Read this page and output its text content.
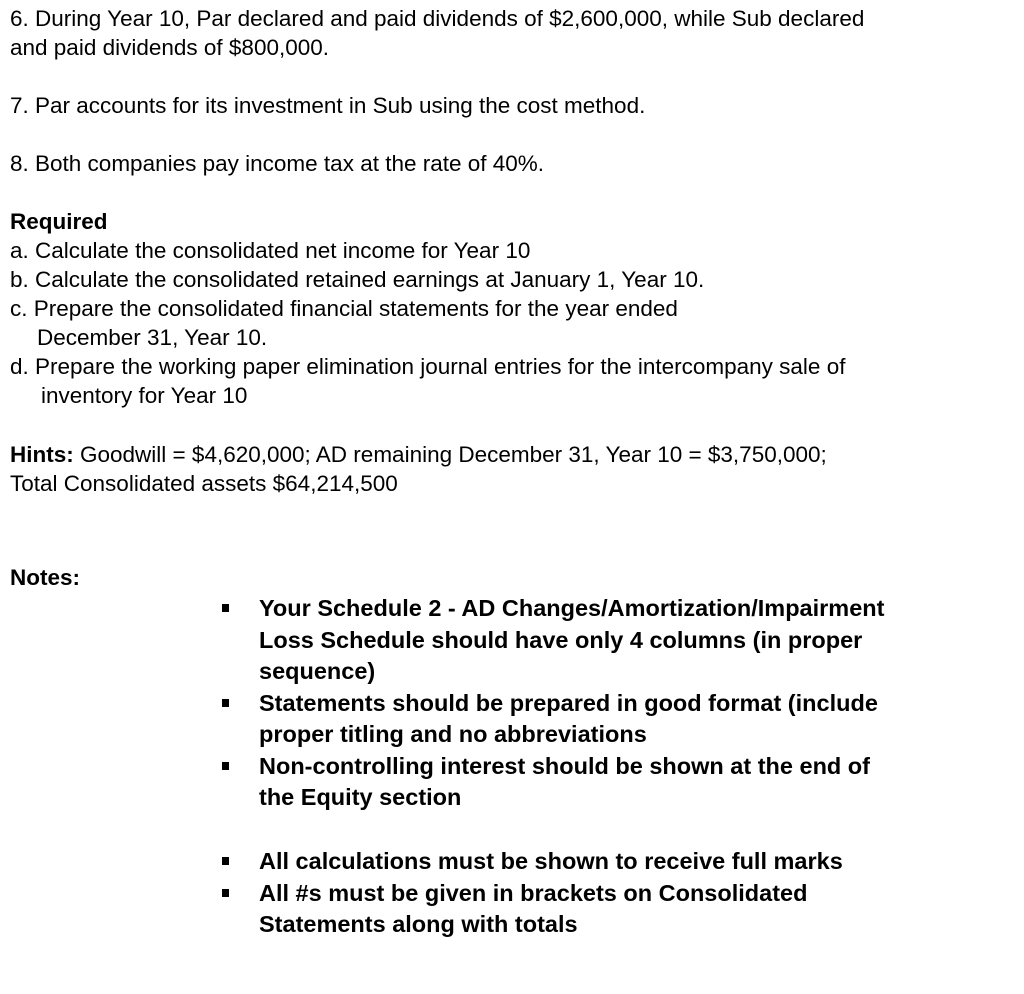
6. During Year 10, Par declared and paid dividends of $2,600,000, while Sub declared
and paid dividends of $800,000.

7. Par accounts for its investment in Sub using the cost method.

8. Both companies pay income tax at the rate of 40%.

Required
a. Calculate the consolidated net income for Year 10
b. Calculate the consolidated retained earnings at January 1, Year 10.
c. Prepare the consolidated financial statements for the year ended
December 31, Year 10.
d. Prepare the working paper elimination journal entries for the intercompany sale of
inventory for Year 10

Hints: Goodwill = $4,620,000; AD remaining December 31, Year 10 = $3,750,000;
Total Consolidated assets $64,214,500

Notes:

Your Schedule 2 - AD Changes/Amortization/Impairment
Loss Schedule should have only 4 columns (in proper
sequence)
Statements should be prepared in good format (include
proper titling and no abbreviations
Non-controlling interest should be shown at the end of
the Equity section
All calculations must be shown to receive full marks
All #s must be given in brackets on Consolidated
Statements along with totals
